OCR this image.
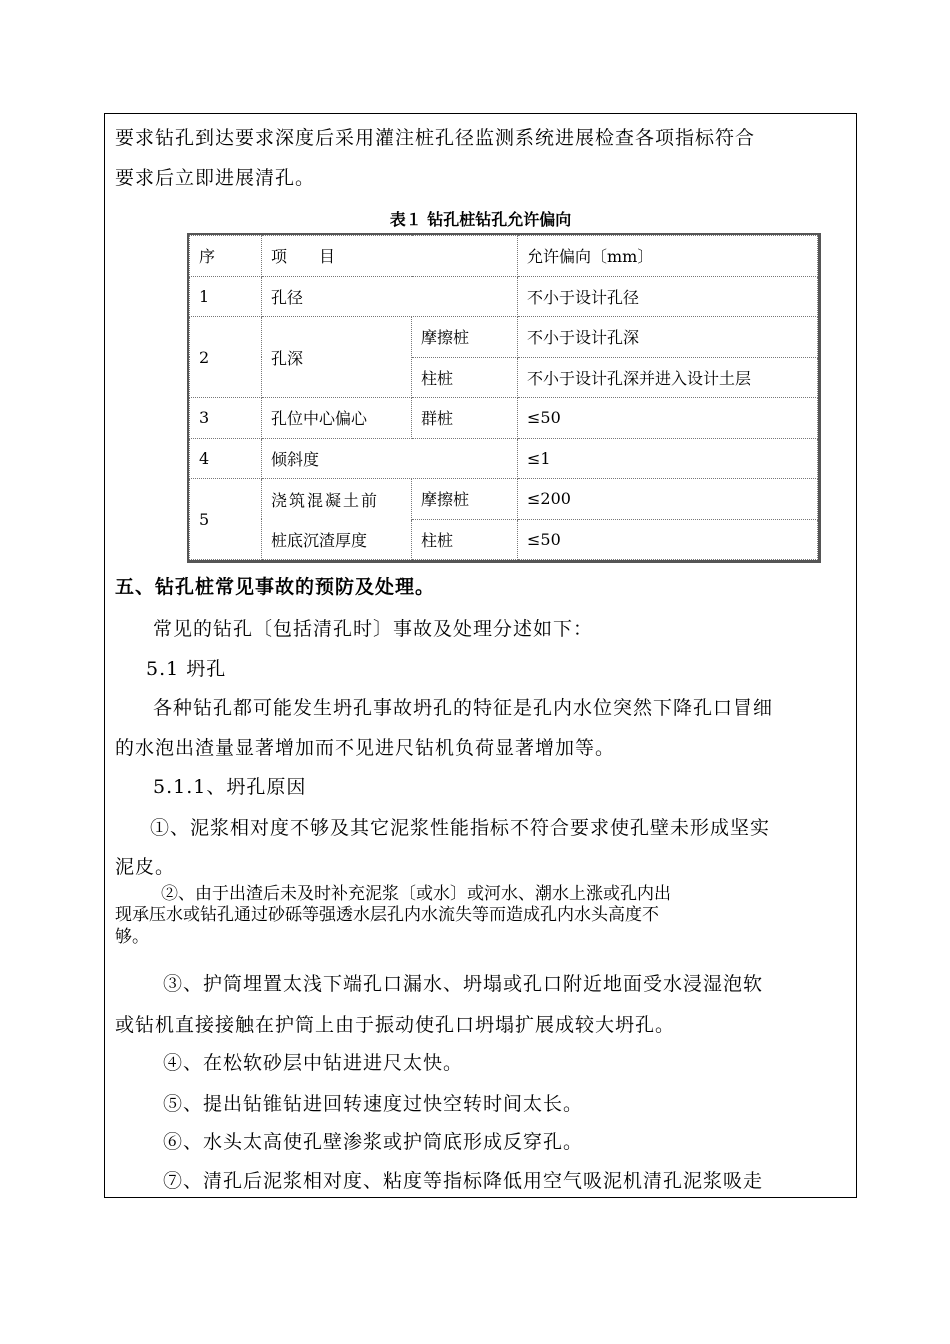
要求钻孔到达要求深度后采用灌注桩孔径监测系统进展检查各项指标符合
要求后立即进展清孔。
表１ 钻孔桩钻孔允许偏向
序	项　　目		允许偏向〔mm〕
1	孔径		不小于设计孔径
2	孔深	摩擦桩	不小于设计孔深
		柱桩	不小于设计孔深并进入设计土层
3	孔位中心偏心	群桩	≤50
4	倾斜度		≤1
5	浇筑混凝土前	摩擦桩	≤200
	桩底沉渣厚度	柱桩	≤50
五、钻孔桩常见事故的预防及处理。
常见的钻孔〔包括清孔时〕事故及处理分述如下：
5.1 坍孔
各种钻孔都可能发生坍孔事故坍孔的特征是孔内水位突然下降孔口冒细
的水泡出渣量显著增加而不见进尺钻机负荷显著增加等。
5.1.1、坍孔原因
①、泥浆相对度不够及其它泥浆性能指标不符合要求使孔壁未形成坚实
泥皮。
②、由于出渣后未及时补充泥浆〔或水〕或河水、潮水上涨或孔内出
现承压水或钻孔通过砂砾等强透水层孔内水流失等而造成孔内水头高度不
够。
③、护筒埋置太浅下端孔口漏水、坍塌或孔口附近地面受水浸湿泡软
或钻机直接接触在护筒上由于振动使孔口坍塌扩展成较大坍孔。
④、在松软砂层中钻进进尺太快。
⑤、提出钻锥钻进回转速度过快空转时间太长。
⑥、水头太高使孔壁渗浆或护筒底形成反穿孔。
⑦、清孔后泥浆相对度、粘度等指标降低用空气吸泥机清孔泥浆吸走
